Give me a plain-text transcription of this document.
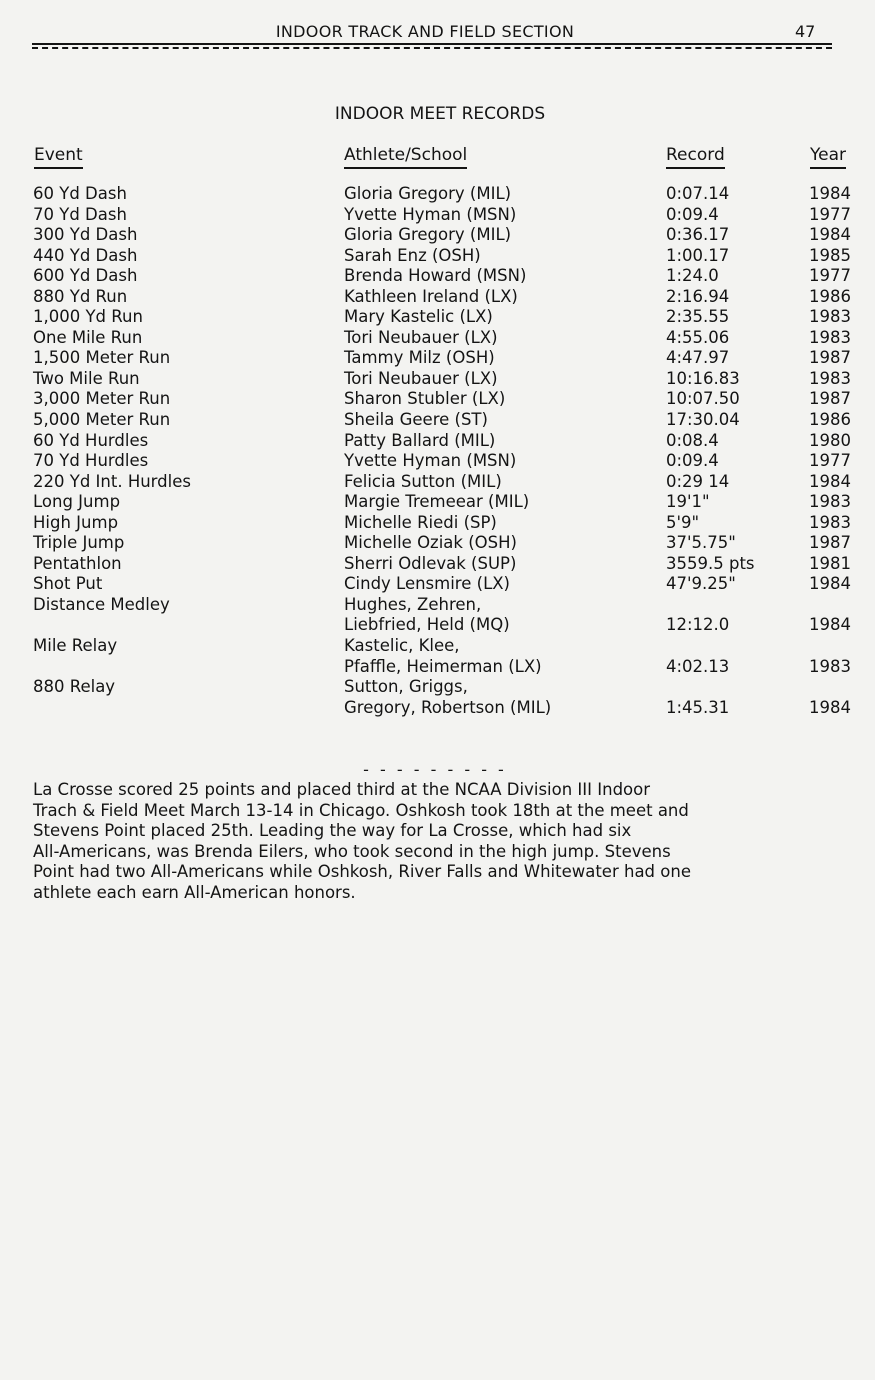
INDOOR TRACK AND FIELD SECTION	47
INDOOR MEET RECORDS
Event	Athlete/School	Record	Year
60 Yd Dash	Gloria Gregory (MIL)	0:07.14	1984
70 Yd Dash	Yvette Hyman (MSN)	0:09.4	1977
300 Yd Dash	Gloria Gregory (MIL)	0:36.17	1984
440 Yd Dash	Sarah Enz (OSH)	1:00.17	1985
600 Yd Dash	Brenda Howard (MSN)	1:24.0	1977
880 Yd Run	Kathleen Ireland (LX)	2:16.94	1986
1,000 Yd Run	Mary Kastelic (LX)	2:35.55	1983
One Mile Run	Tori Neubauer (LX)	4:55.06	1983
1,500 Meter Run	Tammy Milz (OSH)	4:47.97	1987
Two Mile Run	Tori Neubauer (LX)	10:16.83	1983
3,000 Meter Run	Sharon Stubler (LX)	10:07.50	1987
5,000 Meter Run	Sheila Geere (ST)	17:30.04	1986
60 Yd Hurdles	Patty Ballard (MIL)	0:08.4	1980
70 Yd Hurdles	Yvette Hyman (MSN)	0:09.4	1977
220 Yd Int. Hurdles	Felicia Sutton (MIL)	0:29 14	1984
Long Jump	Margie Tremeear (MIL)	19'1"	1983
High Jump	Michelle Riedi (SP)	5'9"	1983
Triple Jump	Michelle Oziak (OSH)	37'5.75"	1987
Pentathlon	Sherri Odlevak (SUP)	3559.5 pts	1981
Shot Put	Cindy Lensmire (LX)	47'9.25"	1984
Distance Medley	Hughes, Zehren,
Liebfried, Held (MQ)	12:12.0	1984
Mile Relay	Kastelic, Klee,
Pfaffle, Heimerman (LX)	4:02.13	1983
880 Relay	Sutton, Griggs,
Gregory, Robertson (MIL)	1:45.31	1984
- - - - - - - - -
La Crosse scored 25 points and placed third at the NCAA Division III Indoor
Trach & Field Meet March 13-14 in Chicago. Oshkosh took 18th at the meet and
Stevens Point placed 25th. Leading the way for La Crosse, which had six
All-Americans, was Brenda Eilers, who took second in the high jump. Stevens
Point had two All-Americans while Oshkosh, River Falls and Whitewater had one
athlete each earn All-American honors.
